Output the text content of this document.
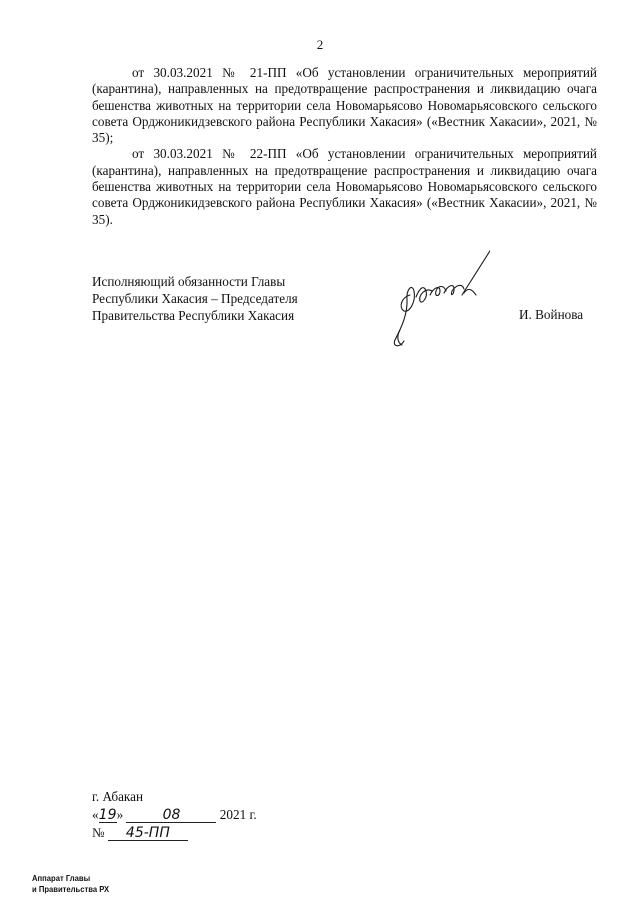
2

от 30.03.2021 № 21-ПП «Об установлении ограничительных мероприятий (карантина), направленных на предотвращение распространения и ликвидацию очага бешенства животных на территории села Новомарьясово Новомарьясовского сельского совета Орджоникидзевского района Республики Хакасия» («Вестник Хакасии», 2021, № 35);

от 30.03.2021 № 22-ПП «Об установлении ограничительных мероприятий (карантина), направленных на предотвращение распространения и ликвидацию очага бешенства животных на территории села Новомарьясово Новомарьясовского сельского совета Орджоникидзевского района Республики Хакасия» («Вестник Хакасии», 2021, № 35).

Исполняющий обязанности Главы
Республики Хакасия – Председателя
Правительства Республики Хакасия	И. Войнова
г. Абакан
«19»	08	2021 г.
№ 45-ПП
Аппарат Главы
и Правительства РХ
